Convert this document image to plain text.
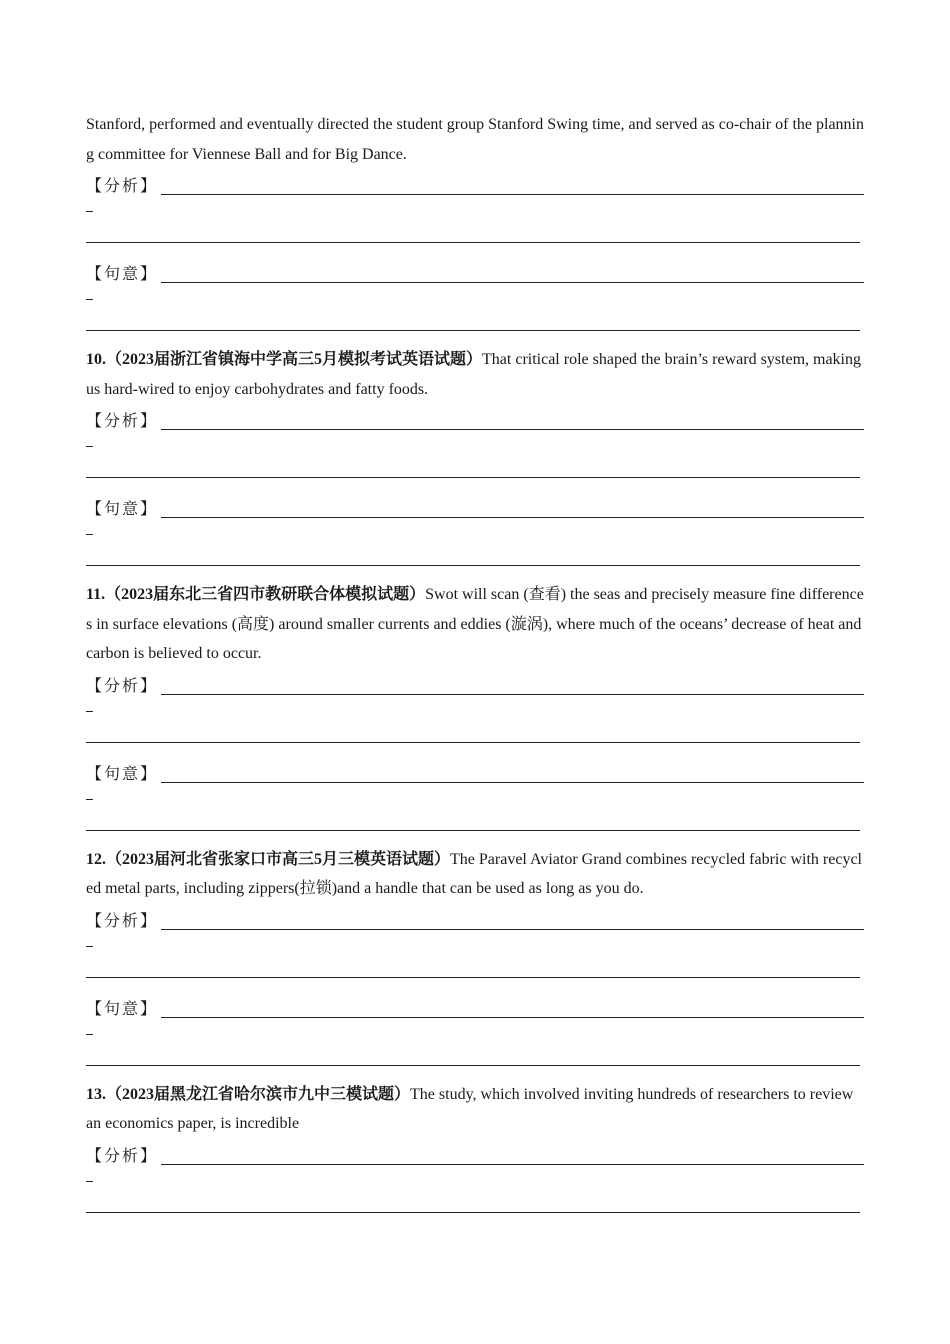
Stanford, performed and eventually directed the student group Stanford Swing time, and served as co-chair of the planning committee for Viennese Ball and for Big Dance.

【分析】
【句意】

10.（2023届浙江省镇海中学高三5月模拟考试英语试题）That critical role shaped the brain’s reward system, making us hard-wired to enjoy carbohydrates and fatty foods.

【分析】
【句意】

11.（2023届东北三省四市教研联合体模拟试题）Swot will scan (查看) the seas and precisely measure fine differences in surface elevations (高度) around smaller currents and eddies (漩涡), where much of the oceans’ decrease of heat and carbon is believed to occur.

【分析】
【句意】

12.（2023届河北省张家口市高三5月三模英语试题）The Paravel Aviator Grand combines recycled fabric with recycled metal parts, including zippers(拉锁)and a handle that can be used as long as you do.

【分析】
【句意】

13.（2023届黑龙江省哈尔滨市九中三模试题）The study, which involved inviting hundreds of researchers to review an economics paper, is incredible

【分析】
